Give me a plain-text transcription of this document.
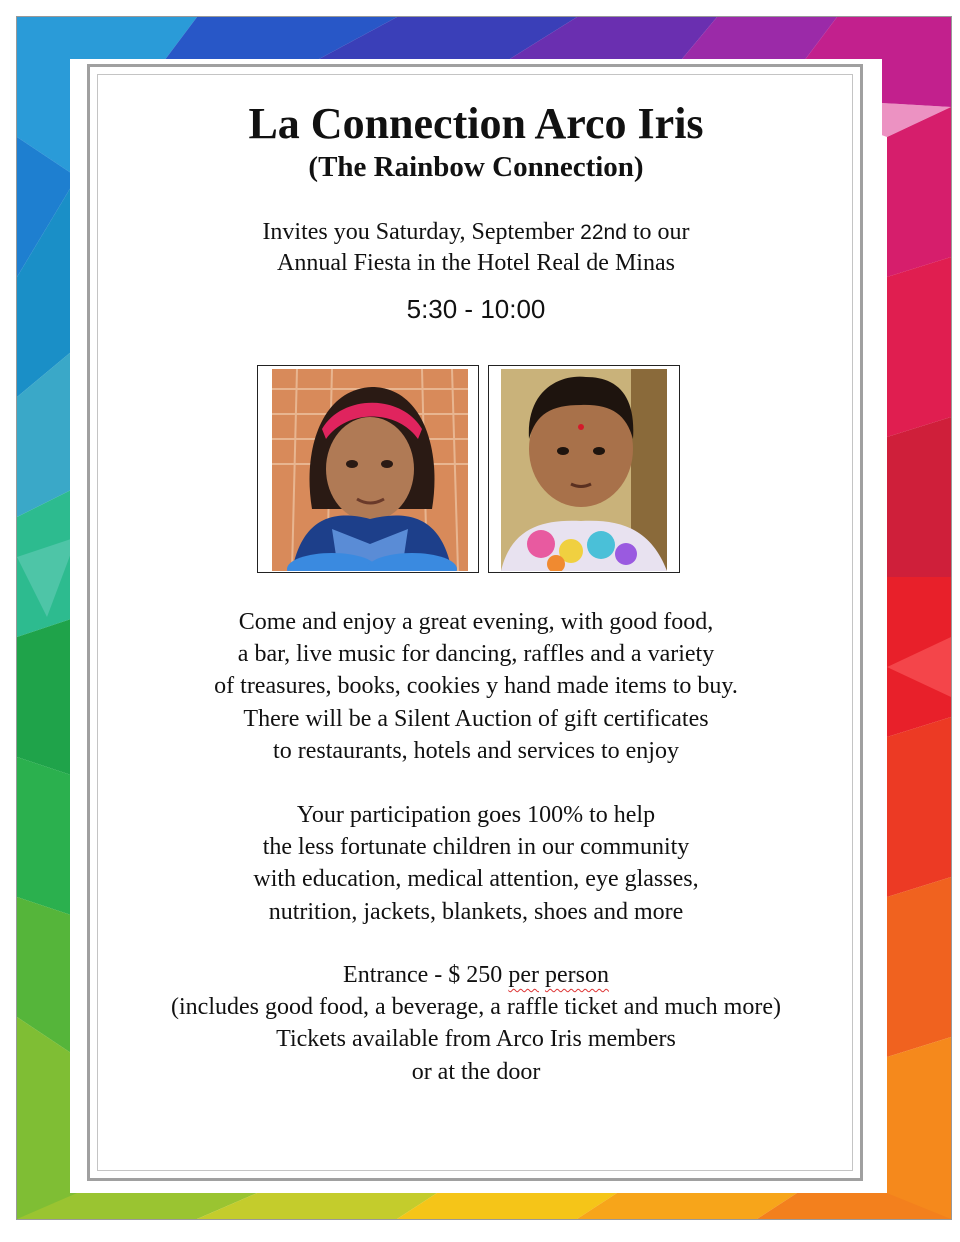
La Connection Arco Iris
(The Rainbow Connection)
Invites you Saturday, September 22nd to our
Annual Fiesta in the Hotel Real de Minas
5:30 - 10:00
Come and enjoy a great evening, with good food,
a bar, live music for dancing, raffles and a variety
of treasures, books, cookies y hand made items to buy.
There will be a Silent Auction of gift certificates
to restaurants, hotels and services to enjoy
Your participation goes 100% to help
the less fortunate children in our community
with education, medical attention, eye glasses,
nutrition, jackets, blankets, shoes and more
Entrance - $ 250 per person
(includes good food, a beverage, a raffle ticket and much more)
Tickets available from Arco Iris members
or at the door
